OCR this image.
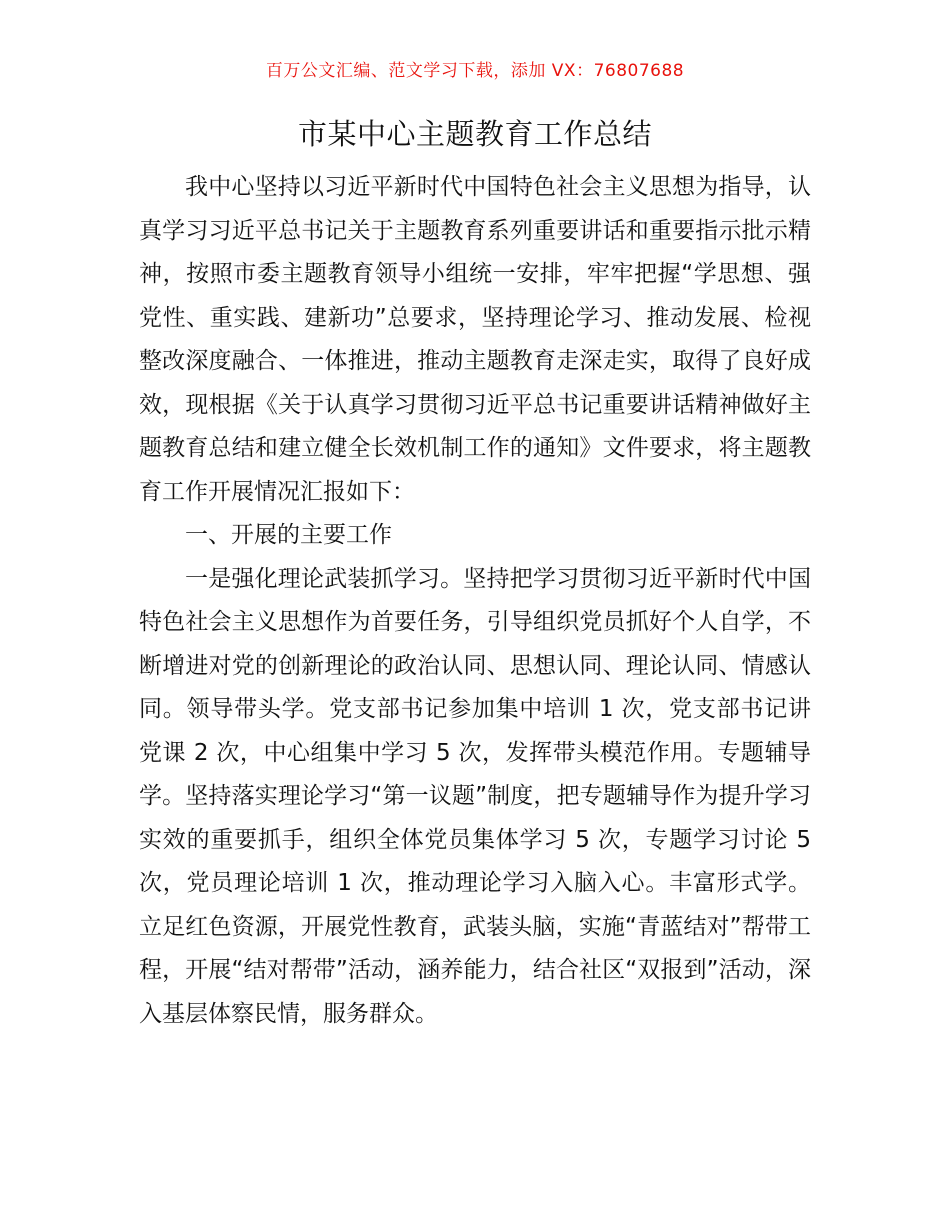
百万公文汇编、范文学习下载，添加 VX：76807688
市某中心主题教育工作总结

我中心坚持以习近平新时代中国特色社会主义思想为指导，认真学习习近平总书记关于主题教育系列重要讲话和重要指示批示精神，按照市委主题教育领导小组统一安排，牢牢把握“学思想、强党性、重实践、建新功”总要求，坚持理论学习、推动发展、检视整改深度融合、一体推进，推动主题教育走深走实，取得了良好成效，现根据《关于认真学习贯彻习近平总书记重要讲话精神做好主题教育总结和建立健全长效机制工作的通知》文件要求，将主题教育工作开展情况汇报如下：

一、开展的主要工作

一是强化理论武装抓学习。坚持把学习贯彻习近平新时代中国特色社会主义思想作为首要任务，引导组织党员抓好个人自学，不断增进对党的创新理论的政治认同、思想认同、理论认同、情感认同。领导带头学。党支部书记参加集中培训 1 次，党支部书记讲党课 2 次，中心组集中学习 5 次，发挥带头模范作用。专题辅导学。坚持落实理论学习“第一议题”制度，把专题辅导作为提升学习实效的重要抓手，组织全体党员集体学习 5 次，专题学习讨论 5 次，党员理论培训 1 次，推动理论学习入脑入心。丰富形式学。立足红色资源，开展党性教育，武装头脑，实施“青蓝结对”帮带工程，开展“结对帮带”活动，涵养能力，结合社区“双报到”活动，深入基层体察民情，服务群众。
